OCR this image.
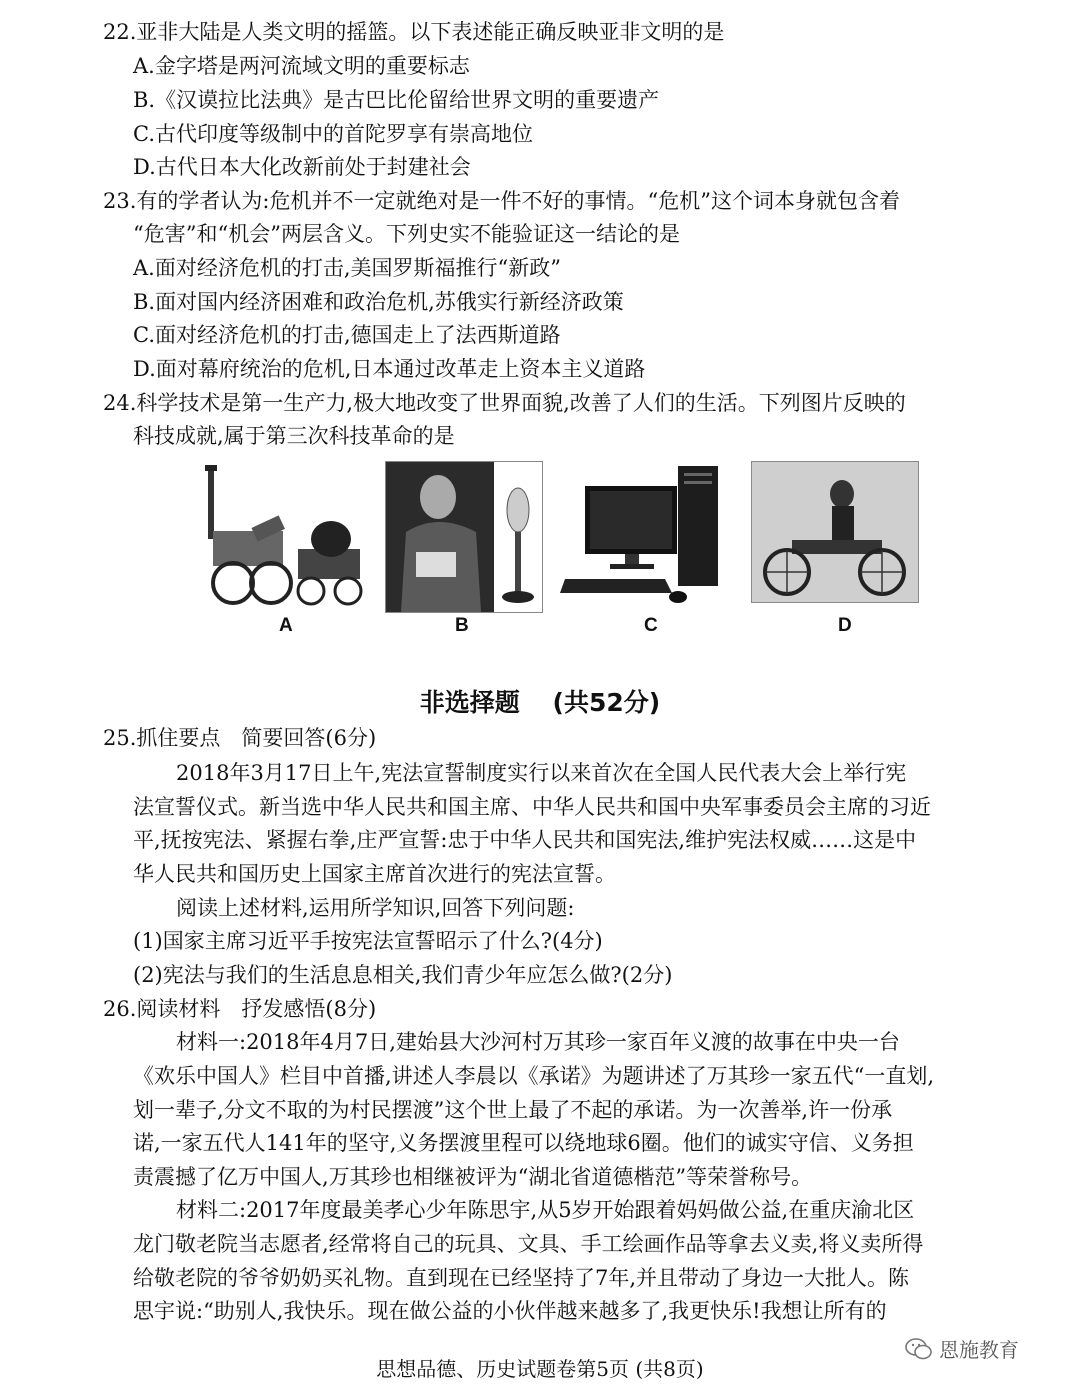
22.亚非大陆是人类文明的摇篮。以下表述能正确反映亚非文明的是
A.金字塔是两河流域文明的重要标志
B.《汉谟拉比法典》是古巴比伦留给世界文明的重要遗产
C.古代印度等级制中的首陀罗享有崇高地位
D.古代日本大化改新前处于封建社会
23.有的学者认为:危机并不一定就绝对是一件不好的事情。“危机”这个词本身就包含着
“危害”和“机会”两层含义。下列史实不能验证这一结论的是
A.面对经济危机的打击,美国罗斯福推行“新政”
B.面对国内经济困难和政治危机,苏俄实行新经济政策
C.面对经济危机的打击,德国走上了法西斯道路
D.面对幕府统治的危机,日本通过改革走上资本主义道路
24.科学技术是第一生产力,极大地改变了世界面貌,改善了人们的生活。下列图片反映的
科技成就,属于第三次科技革命的是
A	B	C	D
非选择题 (共52分)
25.抓住要点　简要回答(6分)
2018年3月17日上午,宪法宣誓制度实行以来首次在全国人民代表大会上举行宪
法宣誓仪式。新当选中华人民共和国主席、中华人民共和国中央军事委员会主席的习近
平,抚按宪法、紧握右拳,庄严宣誓:忠于中华人民共和国宪法,维护宪法权威……这是中
华人民共和国历史上国家主席首次进行的宪法宣誓。
阅读上述材料,运用所学知识,回答下列问题:
(1)国家主席习近平手按宪法宣誓昭示了什么?(4分)
(2)宪法与我们的生活息息相关,我们青少年应怎么做?(2分)
26.阅读材料　抒发感悟(8分)
材料一:2018年4月7日,建始县大沙河村万其珍一家百年义渡的故事在中央一台
《欢乐中国人》栏目中首播,讲述人李晨以《承诺》为题讲述了万其珍一家五代“一直划,
划一辈子,分文不取的为村民摆渡”这个世上最了不起的承诺。为一次善举,许一份承
诺,一家五代人141年的坚守,义务摆渡里程可以绕地球6圈。他们的诚实守信、义务担
责震撼了亿万中国人,万其珍也相继被评为“湖北省道德楷范”等荣誉称号。
材料二:2017年度最美孝心少年陈思宇,从5岁开始跟着妈妈做公益,在重庆渝北区
龙门敬老院当志愿者,经常将自己的玩具、文具、手工绘画作品等拿去义卖,将义卖所得
给敬老院的爷爷奶奶买礼物。直到现在已经坚持了7年,并且带动了身边一大批人。陈
思宇说:“助别人,我快乐。现在做公益的小伙伴越来越多了,我更快乐!我想让所有的
思想品德、历史试题卷第5页 (共8页)
恩施教育
